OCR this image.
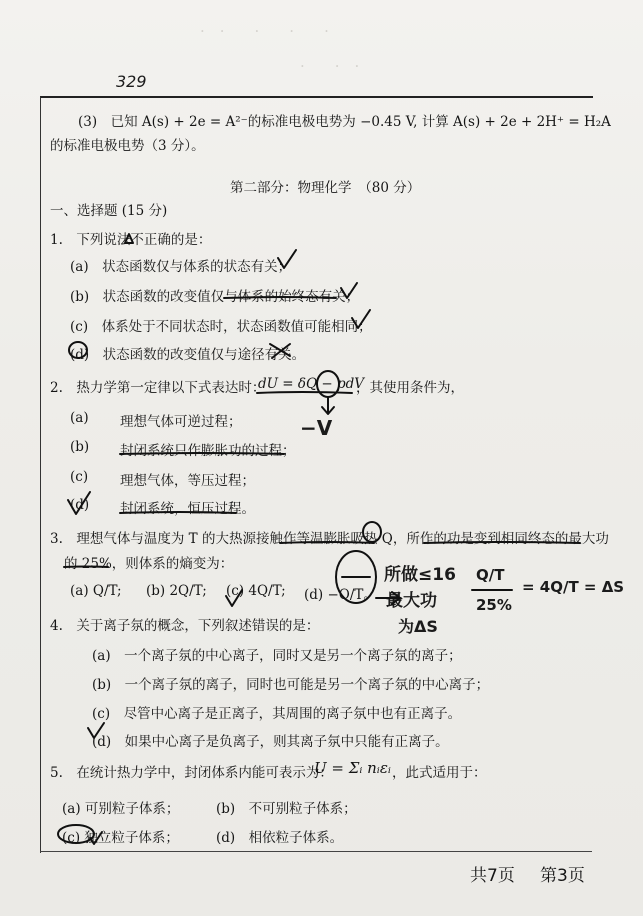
·　·　　·　　·　　·
·　　·　·
329
(3)　已知 A(s) + 2e = A²⁻的标准电极电势为 −0.45 V, 计算 A(s) + 2e + 2H⁺ = H₂A
的标准电极电势（3 分）。
第二部分：物理化学　（80 分）
一、选择题 (15 分)
1.　下列说法不正确的是：
(a)　状态函数仅与体系的状态有关；
(b)　状态函数的改变值仅与体系的始终态有关；
(c)　体系处于不同状态时，状态函数值可能相同；
(d)　状态函数的改变值仅与途径有关。
2.　热力学第一定律以下式表达时：
dU = δQ − pdV
，其使用条件为，
(a) 理想气体可逆过程；
(b) 封闭系统只作膨胀功的过程；
(c) 理想气体，等压过程；
(d) 封闭系统，恒压过程。
3.　理想气体与温度为 T 的大热源接触作等温膨胀吸热 Q，所作的功是变到相同终态的最大功
的 25%，则体系的熵变为：
(a) Q/T; (b) 2Q/T; (c) 4Q/T; (d) −Q/T。
4.　关于离子氛的概念，下列叙述错误的是：
(a)　一个离子氛的中心离子，同时又是另一个离子氛的离子；
(b)　一个离子氛的离子，同时也可能是另一个离子氛的中心离子；
(c)　尽管中心离子是正离子，其周围的离子氛中也有正离子。
(d)　如果中心离子是负离子，则其离子氛中只能有正离子。
5.　在统计热力学中，封闭体系内能可表示为：
U = Σᵢ nᵢεᵢ ，此式适用于：
(a) 可别粒子体系；	(b)　不可别粒子体系；
(c) 独立粒子体系；	(d)　相依粒子体系。
−V
所做≤16
最大功
Q/T
25%
= 4Q/T = ΔS
为ΔS
共7页 第3页
